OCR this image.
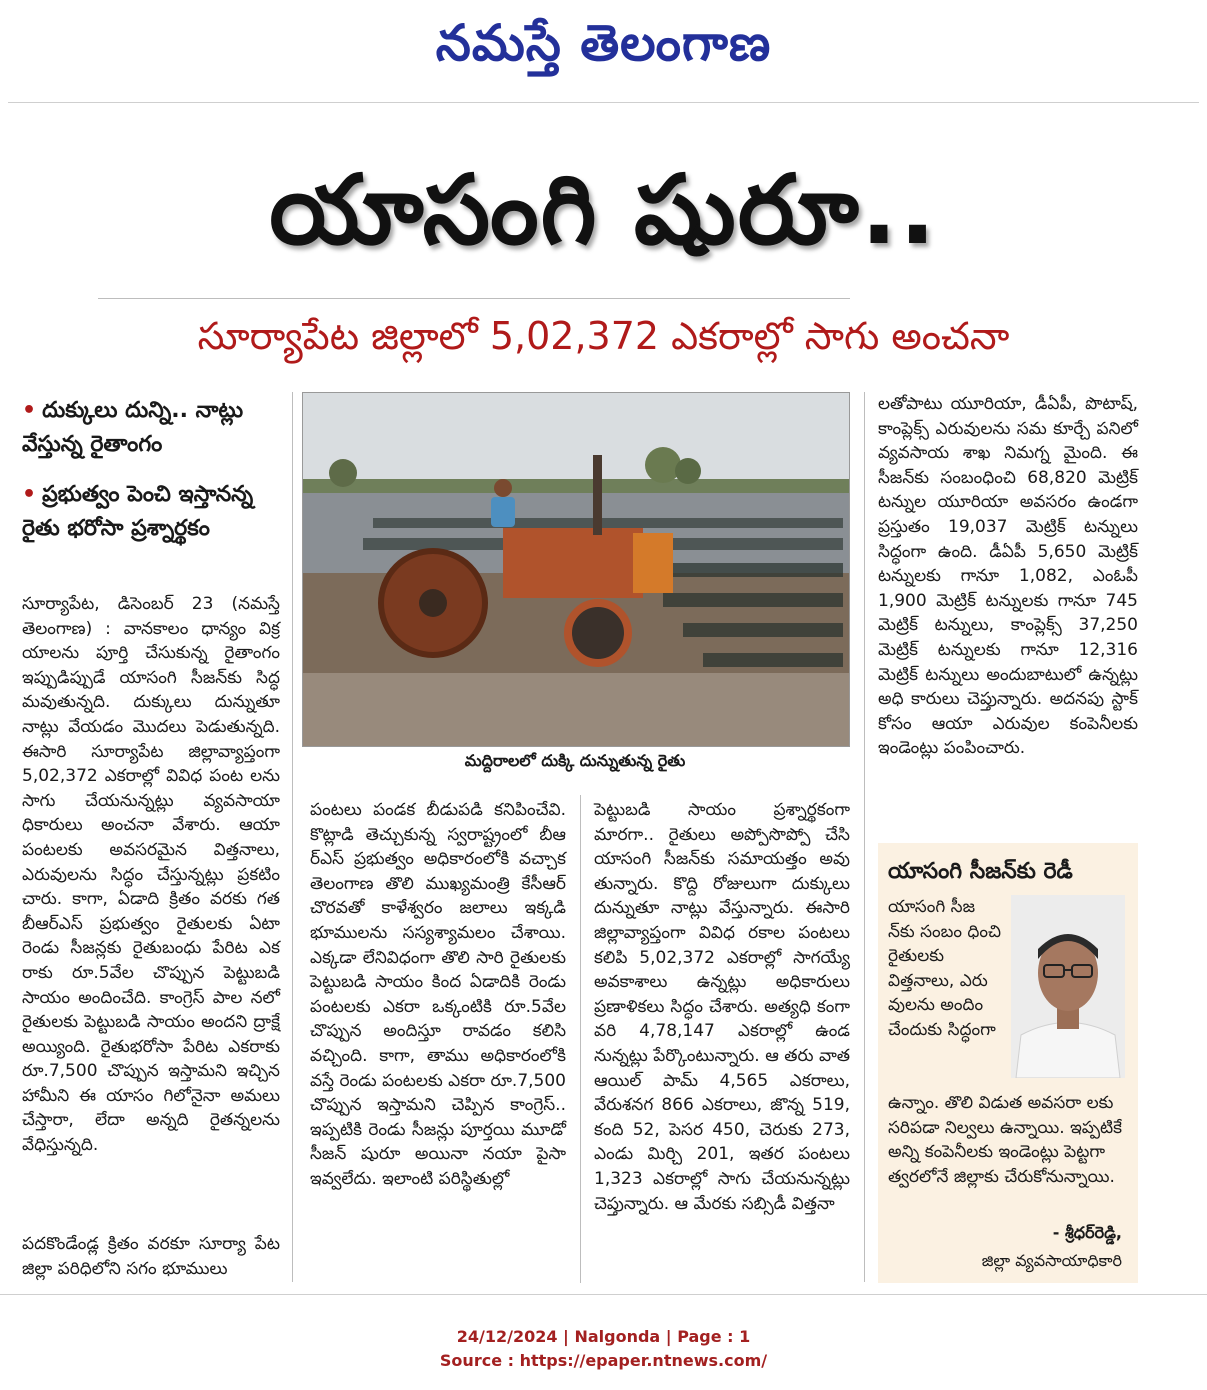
నమస్తే తెలంగాణ
యాసంగి షురూ..
సూర్యాపేట జిల్లాలో 5,02,372 ఎకరాల్లో సాగు అంచనా
• దుక్కులు దున్ని.. నాట్లు వేస్తున్న రైతాంగం
• ప్రభుత్వం పెంచి ఇస్తానన్న రైతు భరోసా ప్రశ్నార్థకం

సూర్యాపేట, డిసెంబర్ 23 (నమస్తే తెలంగాణ) : వానకాలం ధాన్యం విక్ర యాలను పూర్తి చేసుకున్న రైతాంగం ఇప్పుడిప్పుడే యాసంగి సీజన్‌కు సిద్ధ మవుతున్నది. దుక్కులు దున్నుతూ నాట్లు వేయడం మొదలు పెడుతున్నది. ఈసారి సూర్యాపేట జిల్లావ్యాప్తంగా 5,02,372 ఎకరాల్లో వివిధ పంట లను సాగు చేయనున్నట్లు వ్యవసాయా ధికారులు అంచనా వేశారు. ఆయా పంటలకు అవసరమైన విత్తనాలు, ఎరువులను సిద్ధం చేస్తున్నట్లు ప్రకటిం చారు. కాగా, ఏడాది క్రితం వరకు గత బీఆర్‌ఎస్ ప్రభుత్వం రైతులకు ఏటా రెండు సీజన్లకు రైతుబంధు పేరిట ఎక రాకు రూ.5వేల చొప్పున పెట్టుబడి సాయం అందించేది. కాంగ్రెస్ పాల నలో రైతులకు పెట్టుబడి సాయం అందని ద్రాక్షే అయ్యింది. రైతుభరోసా పేరిట ఎకరాకు రూ.7,500 చొప్పున ఇస్తామని ఇచ్చిన హామీని ఈ యాసం గిలోనైనా అమలు చేస్తారా, లేదా అన్నది రైతన్నలను వేధిస్తున్నది.

పదకొండేండ్ల క్రితం వరకూ సూర్యా పేట జిల్లా పరిధిలోని సగం భూములు

మద్దిరాలలో దుక్కి దున్నుతున్న రైతు

పంటలు పండక బీడుపడి కనిపించేవి. కొట్లాడి తెచ్చుకున్న స్వరాష్ట్రంలో బీఆ ర్‌ఎస్ ప్రభుత్వం అధికారంలోకి వచ్చాక తెలంగాణ తొలి ముఖ్యమంత్రి కేసీఆర్ చొరవతో కాళేశ్వరం జలాలు ఇక్కడి భూములను సస్యశ్యామలం చేశాయి. ఎక్కడా లేనివిధంగా తొలి సారి రైతులకు పెట్టుబడి సాయం కింద ఏడాదికి రెండు పంటలకు ఎకరా ఒక్కంటికి రూ.5వేల చొప్పున అందిస్తూ రావడం కలిసి వచ్చింది. కాగా, తాము అధికారంలోకి వస్తే రెండు పంటలకు ఎకరా రూ.7,500 చొప్పున ఇస్తామని చెప్పిన కాంగ్రెస్.. ఇప్పటికి రెండు సీజన్లు పూర్తయి మూడో సీజన్ షురూ అయినా నయా పైసా ఇవ్వలేదు. ఇలాంటి పరిస్థితుల్లో

పెట్టుబడి సాయం ప్రశ్నార్థకంగా మారగా.. రైతులు అప్పోసొప్పో చేసి యాసంగి సీజన్‌కు సమాయత్తం అవు తున్నారు. కొద్ది రోజులుగా దుక్కులు దున్నుతూ నాట్లు వేస్తున్నారు. ఈసారి జిల్లావ్యాప్తంగా వివిధ రకాల పంటలు కలిపి 5,02,372 ఎకరాల్లో సాగయ్యే అవకాశాలు ఉన్నట్లు అధికారులు ప్రణాళికలు సిద్ధం చేశారు. అత్యధి కంగా వరి 4,78,147 ఎకరాల్లో ఉండ నున్నట్లు పేర్కొంటున్నారు. ఆ తరు వాత ఆయిల్ పామ్ 4,565 ఎకరాలు, వేరుశనగ 866 ఎకరాలు, జొన్న 519, కంది 52, పెసర 450, చెరుకు 273, ఎండు మిర్చి 201, ఇతర పంటలు 1,323 ఎకరాల్లో సాగు చేయనున్నట్లు చెప్తున్నారు. ఆ మేరకు సబ్సిడీ విత్తనా

లతోపాటు యూరియా, డీఏపీ, పొటాష్, కాంప్లెక్స్ ఎరువులను సమ కూర్చే పనిలో వ్యవసాయ శాఖ నిమగ్న మైంది. ఈ సీజన్‌కు సంబంధించి 68,820 మెట్రిక్ టన్నుల యూరియా అవసరం ఉండగా ప్రస్తుతం 19,037 మెట్రిక్ టన్నులు సిద్ధంగా ఉంది. డీఏపీ 5,650 మెట్రిక్ టన్నులకు గానూ 1,082, ఎంఓపీ 1,900 మెట్రిక్ టన్నులకు గానూ 745 మెట్రిక్ టన్నులు, కాంప్లెక్స్ 37,250 మెట్రిక్ టన్నులకు గానూ 12,316 మెట్రిక్ టన్నులు అందుబాటులో ఉన్నట్లు అధి కారులు చెప్తున్నారు. అదనపు స్టాక్ కోసం ఆయా ఎరువుల కంపెనీలకు ఇండెంట్లు పంపించారు.

యాసంగి సీజన్‌కు రెడీ
యాసంగి సీజ న్‌కు సంబం ధించి రైతులకు విత్తనాలు, ఎరు వులను అందిం చేందుకు సిద్ధంగా
ఉన్నాం. తొలి విడుత అవసరా లకు సరిపడా నిల్వలు ఉన్నాయి. ఇప్పటికే అన్ని కంపెనీలకు ఇండెంట్లు పెట్టగా త్వరలోనే జిల్లాకు చేరుకోనున్నాయి.
- శ్రీధర్‌రెడ్డి,
జిల్లా వ్యవసాయాధికారి
24/12/2024 | Nalgonda | Page : 1
Source : https://epaper.ntnews.com/
